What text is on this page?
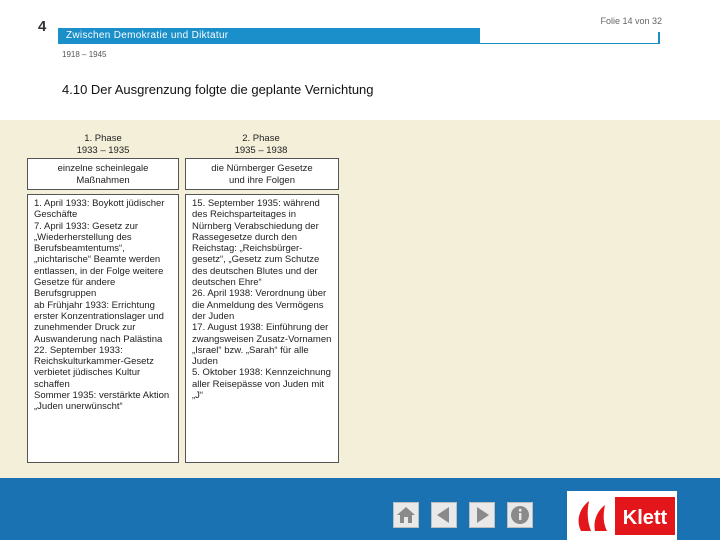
4
Zwischen Demokratie und Diktatur
Folie 14 von 32
1918 – 1945
4.10 Der Ausgrenzung folgte die geplante Vernichtung
1. Phase
1933 – 1935
einzelne scheinlegale
Maßnahmen
1. April 1933: Boykott jüdischer Geschäfte
7. April 1933: Gesetz zur „Wiederherstellung des Berufsbeamtentums“, „nichtarische“ Beamte werden entlassen, in der Folge weitere Gesetze für andere Berufsgruppen
ab Frühjahr 1933: Errichtung erster Konzentrationslager und zunehmender Druck zur Auswanderung nach Palästina
22. September 1933: Reichskulturkammer-Gesetz verbietet jüdisches Kultur schaffen
Sommer 1935: verstärkte Aktion „Juden unerwünscht“
2. Phase
1935 – 1938
die Nürnberger Gesetze
und ihre Folgen
15. September 1935: während des Reichsparteitages in Nürnberg Verabschiedung der Rassegesetze durch den Reichstag: „Reichsbürger-gesetz“, „Gesetz zum Schutze des deutschen Blutes und der deutschen Ehre“
26. April 1938: Verordnung über die Anmeldung des Vermögens der Juden
17. August 1938: Einführung der zwangsweisen Zusatz-Vornamen „Israel“ bzw. „Sarah“ für alle Juden
5. Oktober 1938: Kennzeichnung aller Reisepässe von Juden mit „J“
Klett
